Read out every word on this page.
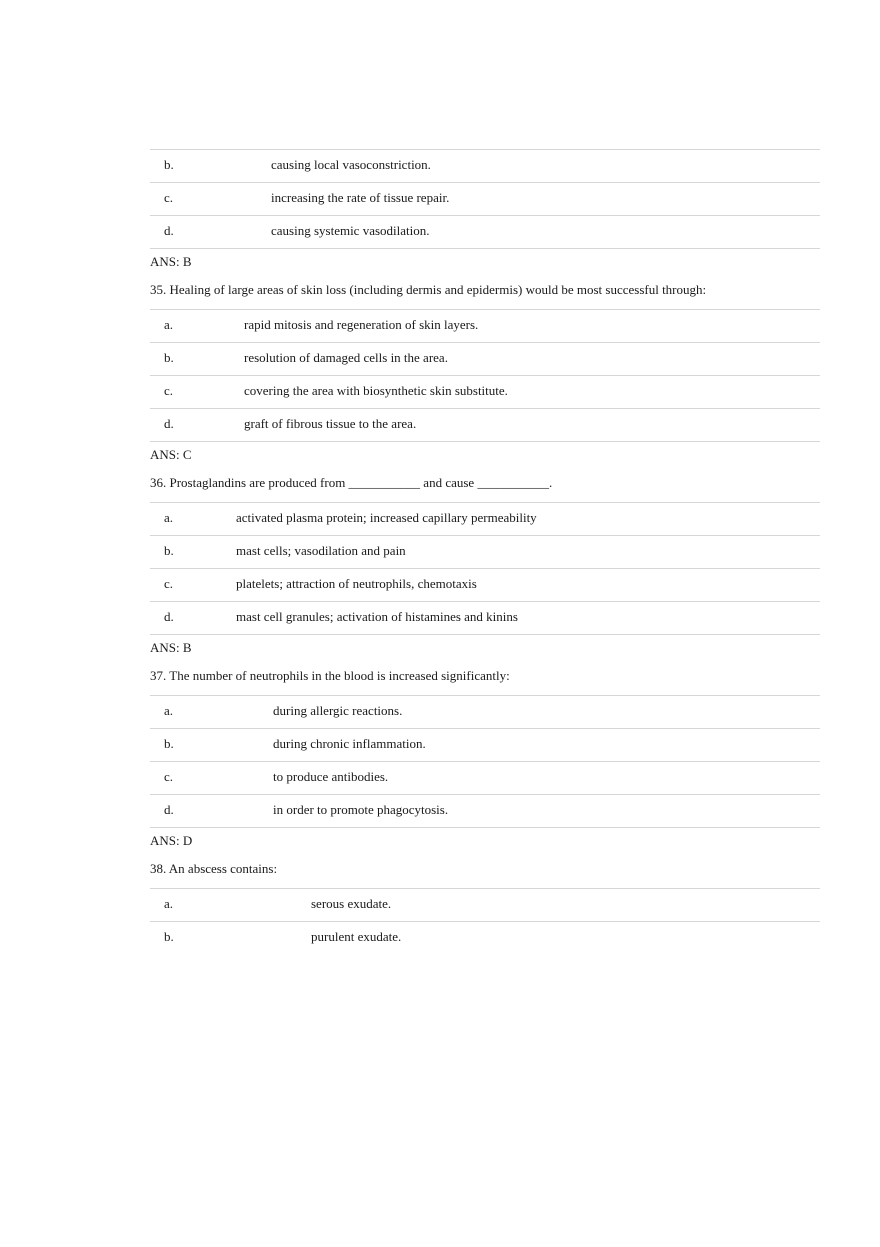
b.	causing local vasoconstriction.
c.	increasing the rate of tissue repair.
d.	causing systemic vasodilation.
ANS: B
35. Healing of large areas of skin loss (including dermis and epidermis) would be most successful through:
a.	rapid mitosis and regeneration of skin layers.
b.	resolution of damaged cells in the area.
c.	covering the area with biosynthetic skin substitute.
d.	graft of fibrous tissue to the area.
ANS: C
36. Prostaglandins are produced from ___________ and cause ___________.
a.	activated plasma protein; increased capillary permeability
b.	mast cells; vasodilation and pain
c.	platelets; attraction of neutrophils, chemotaxis
d.	mast cell granules; activation of histamines and kinins
ANS: B
37. The number of neutrophils in the blood is increased significantly:
a.	during allergic reactions.
b.	during chronic inflammation.
c.	to produce antibodies.
d.	in order to promote phagocytosis.
ANS: D
38. An abscess contains:
a.	serous exudate.
b.	purulent exudate.
